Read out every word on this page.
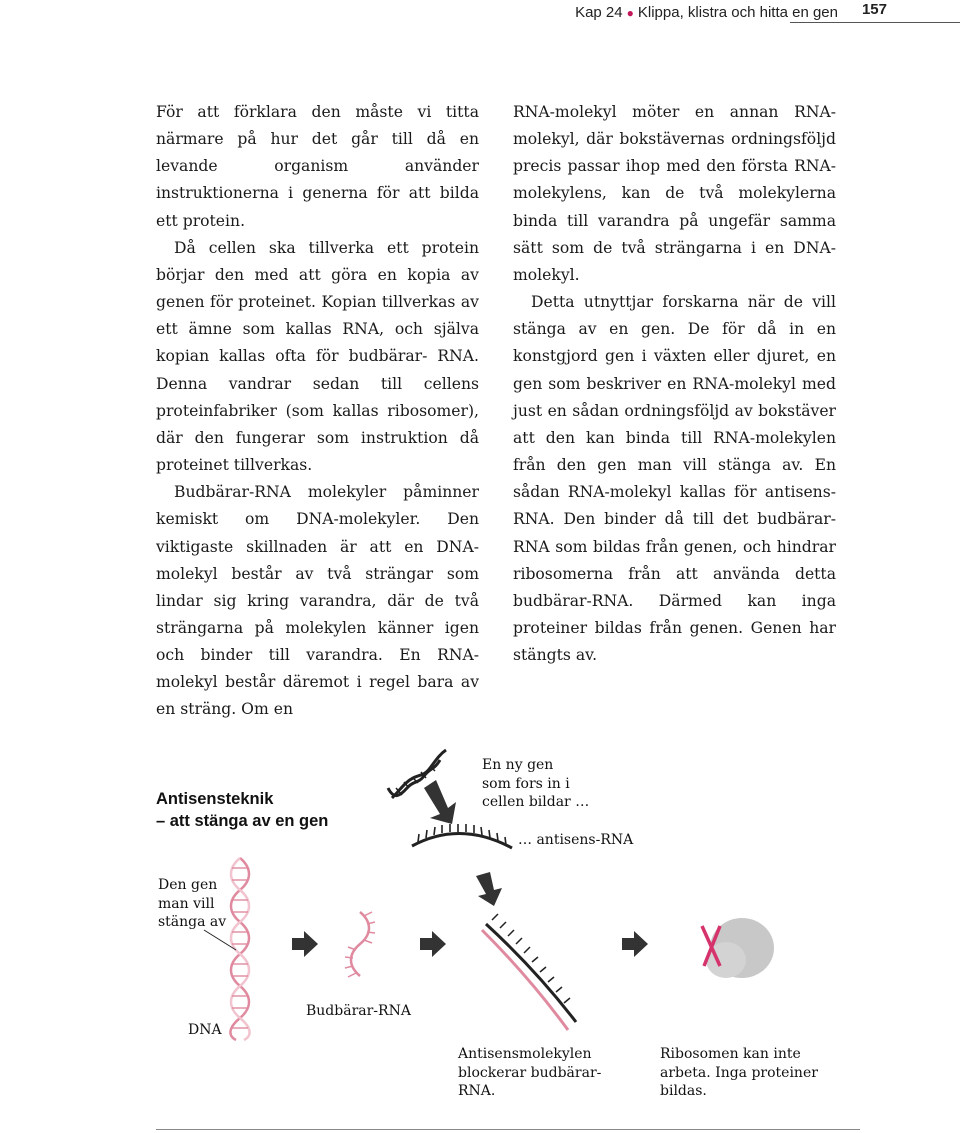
Kap 24 ● Klippa, klistra och hitta en gen 157

För att förklara den måste vi titta närmare på hur det går till då en levande organism använder instruktionerna i generna för att bilda ett protein.

Då cellen ska tillverka ett protein börjar den med att göra en kopia av genen för proteinet. Kopian tillverkas av ett ämne som kallas RNA, och själva kopian kallas ofta för budbärar- RNA. Denna vandrar sedan till cellens proteinfabriker (som kallas ribosomer), där den fungerar som instruktion då proteinet tillverkas.

Budbärar-RNA molekyler påminner kemiskt om DNA-molekyler. Den viktigaste skillnaden är att en DNA-molekyl består av två strängar som lindar sig kring varandra, där de två strängarna på molekylen känner igen och binder till varandra. En RNA-molekyl består däremot i regel bara av en sträng. Om en

RNA-molekyl möter en annan RNA-molekyl, där bokstävernas ordningsföljd precis passar ihop med den första RNA-molekylens, kan de två molekylerna binda till varandra på ungefär samma sätt som de två strängarna i en DNA-molekyl.

Detta utnyttjar forskarna när de vill stänga av en gen. De för då in en konstgjord gen i växten eller djuret, en gen som beskriver en RNA-molekyl med just en sådan ordningsföljd av bokstäver att den kan binda till RNA-molekylen från den gen man vill stänga av. En sådan RNA-molekyl kallas för antisens-RNA. Den binder då till det budbärar-RNA som bildas från genen, och hindrar ribosomerna från att använda detta budbärar-RNA. Därmed kan inga proteiner bildas från genen. Genen har stängts av.

Antisensteknik
– att stänga av en gen
En ny gen
som fors in i
cellen bildar …
… antisens-RNA
Den gen
man vill
stänga av
DNA
Budbärar-RNA
Antisensmolekylen
blockerar budbärar-
RNA.
Ribosomen kan inte
arbeta. Inga proteiner
bildas.
